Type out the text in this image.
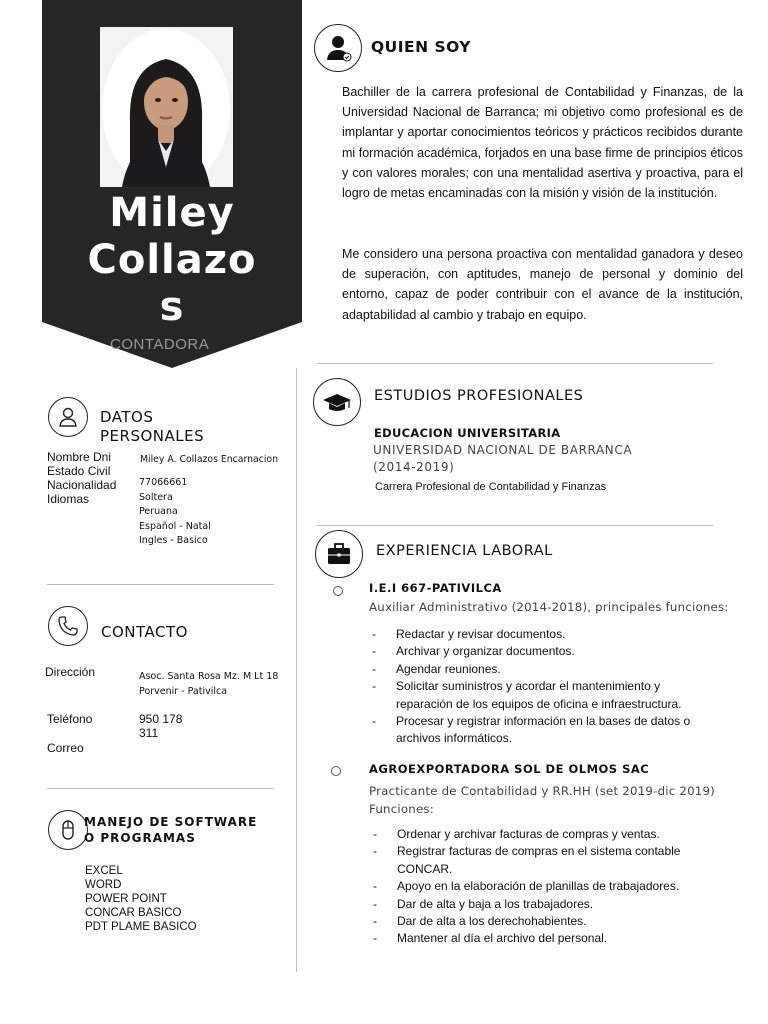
Miley
Collazo
s
CONTADORA
QUIEN SOY
Bachiller de la carrera profesional de Contabilidad y Finanzas, de la Universidad Nacional de Barranca; mi objetivo como profesional es de implantar y aportar conocimientos teóricos y prácticos recibidos durante mi formación académica, forjados en una base firme de principios éticos y con valores morales; con una mentalidad asertiva y proactiva, para el logro de metas encaminadas con la misión y visión de la institución.
Me considero una persona proactiva con mentalidad ganadora y deseo de superación, con aptitudes, manejo de personal y dominio del entorno, capaz de poder contribuir con el avance de la institución, adaptabilidad al cambio y trabajo en equipo.
DATOS
PERSONALES
Nombre Dni
Estado Civil
Nacionalidad
Idiomas
Miley A. Collazos Encarnacion
77066661
Soltera
Peruana
Español - Natal
Ingles - Basico
CONTACTO
Dirección	Asoc. Santa Rosa Mz. M Lt 18
Porvenir - Pativilca
Teléfono	950 178
311
Correo
MANEJO DE SOFTWARE
O PROGRAMAS
EXCEL
WORD
POWER POINT
CONCAR BASICO
PDT PLAME BASICO
ESTUDIOS PROFESIONALES
EDUCACION UNIVERSITARIA
UNIVERSIDAD NACIONAL DE BARRANCA
(2014-2019)
Carrera Profesional de Contabilidad y Finanzas
EXPERIENCIA LABORAL
I.E.I 667-PATIVILCA
Auxiliar Administrativo (2014-2018), principales funciones:
- Redactar y revisar documentos.
- Archivar y organizar documentos.
- Agendar reuniones.
- Solicitar suministros y acordar el mantenimiento y reparación de los equipos de oficina e infraestructura.
- Procesar y registrar información en la bases de datos o archivos informáticos.
AGROEXPORTADORA SOL DE OLMOS SAC
Practicante de Contabilidad y RR.HH (set 2019-dic 2019)
Funciones:
- Ordenar y archivar facturas de compras y ventas.
- Registrar facturas de compras en el sistema contable CONCAR.
- Apoyo en la elaboración de planillas de trabajadores.
- Dar de alta y baja a los trabajadores.
- Dar de alta a los derechohabientes.
- Mantener al día el archivo del personal.
